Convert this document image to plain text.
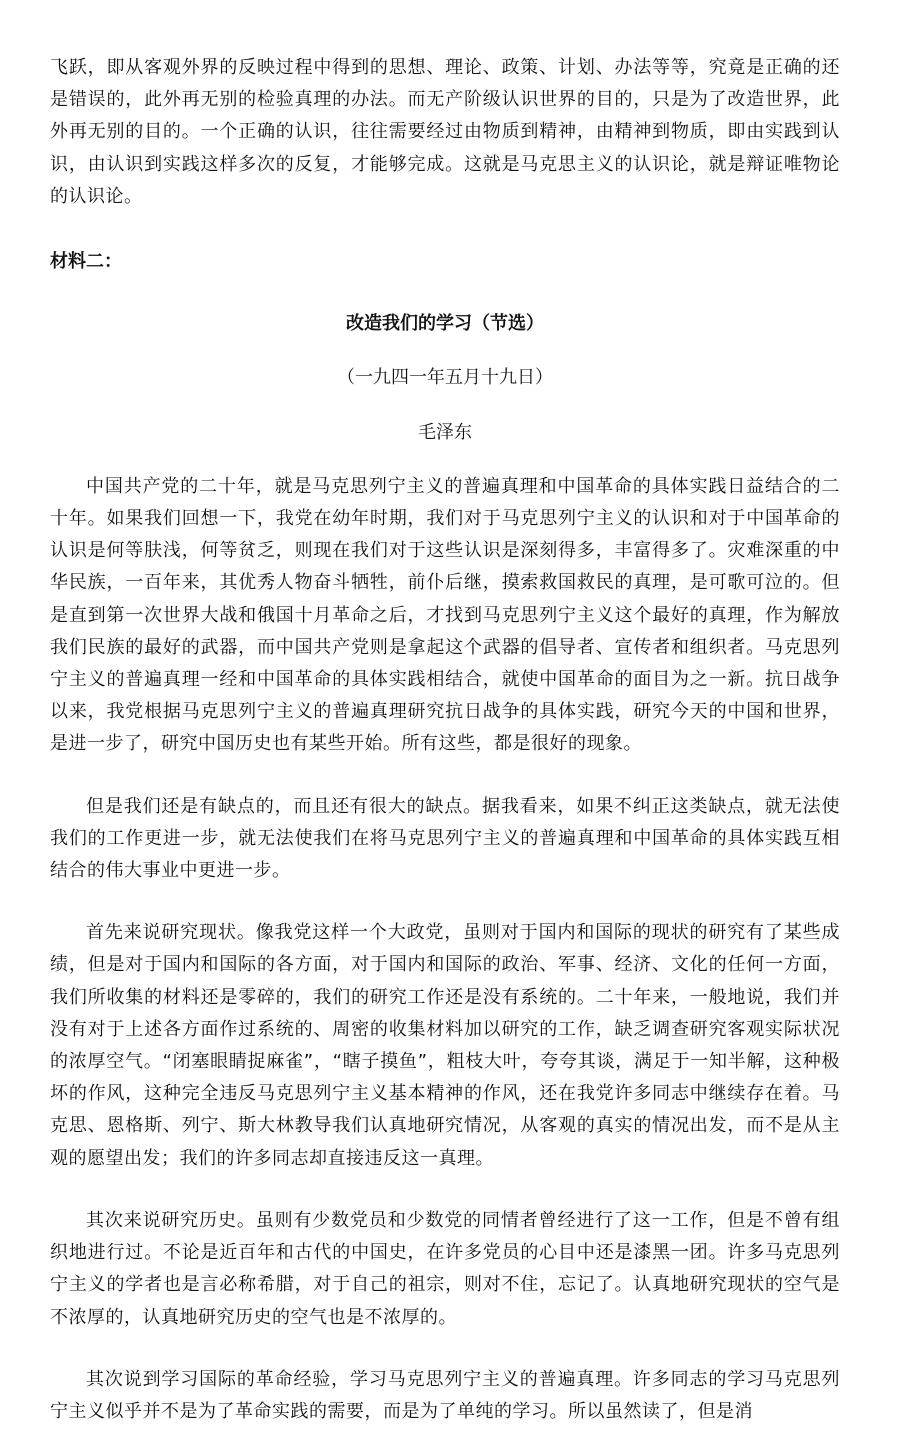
飞跃，即从客观外界的反映过程中得到的思想、理论、政策、计划、办法等等，究竟是正确的还是错误的，此外再无别的检验真理的办法。而无产阶级认识世界的目的，只是为了改造世界，此外再无别的目的。一个正确的认识，往往需要经过由物质到精神，由精神到物质，即由实践到认识，由认识到实践这样多次的反复，才能够完成。这就是马克思主义的认识论，就是辩证唯物论的认识论。

材料二：

改造我们的学习（节选）

（一九四一年五月十九日）

毛泽东

中国共产党的二十年，就是马克思列宁主义的普遍真理和中国革命的具体实践日益结合的二十年。如果我们回想一下，我党在幼年时期，我们对于马克思列宁主义的认识和对于中国革命的认识是何等肤浅，何等贫乏，则现在我们对于这些认识是深刻得多，丰富得多了。灾难深重的中华民族，一百年来，其优秀人物奋斗牺牲，前仆后继，摸索救国救民的真理，是可歌可泣的。但是直到第一次世界大战和俄国十月革命之后，才找到马克思列宁主义这个最好的真理，作为解放我们民族的最好的武器，而中国共产党则是拿起这个武器的倡导者、宣传者和组织者。马克思列宁主义的普遍真理一经和中国革命的具体实践相结合，就使中国革命的面目为之一新。抗日战争以来，我党根据马克思列宁主义的普遍真理研究抗日战争的具体实践，研究今天的中国和世界，是进一步了，研究中国历史也有某些开始。所有这些，都是很好的现象。

但是我们还是有缺点的，而且还有很大的缺点。据我看来，如果不纠正这类缺点，就无法使我们的工作更进一步，就无法使我们在将马克思列宁主义的普遍真理和中国革命的具体实践互相结合的伟大事业中更进一步。

首先来说研究现状。像我党这样一个大政党，虽则对于国内和国际的现状的研究有了某些成绩，但是对于国内和国际的各方面，对于国内和国际的政治、军事、经济、文化的任何一方面，我们所收集的材料还是零碎的，我们的研究工作还是没有系统的。二十年来，一般地说，我们并没有对于上述各方面作过系统的、周密的收集材料加以研究的工作，缺乏调查研究客观实际状况的浓厚空气。“闭塞眼睛捉麻雀”，“瞎子摸鱼”，粗枝大叶，夸夸其谈，满足于一知半解，这种极坏的作风，这种完全违反马克思列宁主义基本精神的作风，还在我党许多同志中继续存在着。马克思、恩格斯、列宁、斯大林教导我们认真地研究情况，从客观的真实的情况出发，而不是从主观的愿望出发；我们的许多同志却直接违反这一真理。

其次来说研究历史。虽则有少数党员和少数党的同情者曾经进行了这一工作，但是不曾有组织地进行过。不论是近百年和古代的中国史，在许多党员的心目中还是漆黑一团。许多马克思列宁主义的学者也是言必称希腊，对于自己的祖宗，则对不住，忘记了。认真地研究现状的空气是不浓厚的，认真地研究历史的空气也是不浓厚的。

其次说到学习国际的革命经验，学习马克思列宁主义的普遍真理。许多同志的学习马克思列宁主义似乎并不是为了革命实践的需要，而是为了单纯的学习。所以虽然读了，但是消
